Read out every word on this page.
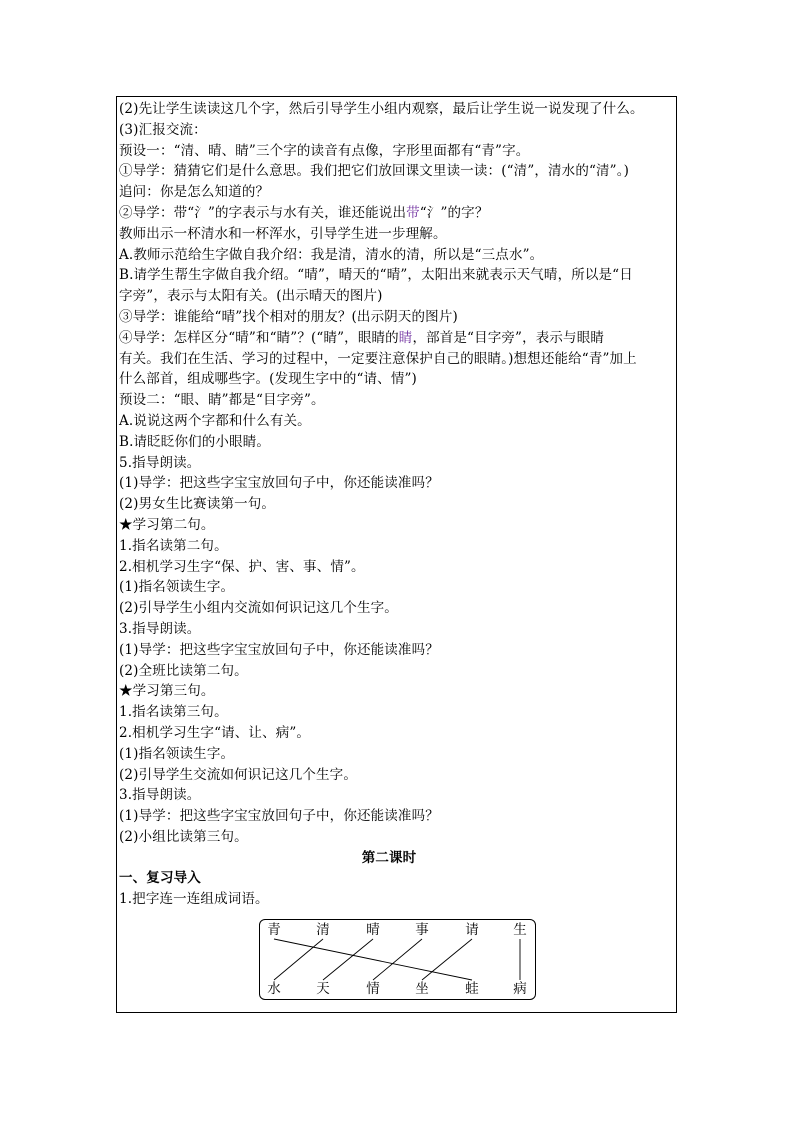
(2)先让学生读读这几个字，然后引导学生小组内观察，最后让学生说一说发现了什么。
(3)汇报交流：
预设一：“清、晴、睛”三个字的读音有点像，字形里面都有“青”字。
①导学：猜猜它们是什么意思。我们把它们放回课文里读一读：(“清”，清水的“清”。)
追问：你是怎么知道的？
②导学：带“氵”的字表示与水有关，谁还能说出带“氵”的字？
教师出示一杯清水和一杯浑水，引导学生进一步理解。
A.教师示范给生字做自我介绍：我是清，清水的清，所以是“三点水”。
B.请学生帮生字做自我介绍。“晴”，晴天的“晴”，太阳出来就表示天气晴，所以是“日
字旁”，表示与太阳有关。(出示晴天的图片)
③导学：谁能给“晴”找个相对的朋友？(出示阴天的图片)
④导学：怎样区分“晴”和“睛”？(“睛”，眼睛的睛，部首是“目字旁”，表示与眼睛
有关。我们在生活、学习的过程中，一定要注意保护自己的眼睛。)想想还能给“青”加上
什么部首，组成哪些字。(发现生字中的“请、情”)
预设二：“眼、睛”都是“目字旁”。
A.说说这两个字都和什么有关。
B.请眨眨你们的小眼睛。
5.指导朗读。
(1)导学：把这些字宝宝放回句子中，你还能读准吗？
(2)男女生比赛读第一句。
★学习第二句。
1.指名读第二句。
2.相机学习生字“保、护、害、事、情”。
(1)指名领读生字。
(2)引导学生小组内交流如何识记这几个生字。
3.指导朗读。
(1)导学：把这些字宝宝放回句子中，你还能读准吗？
(2)全班比读第二句。
★学习第三句。
1.指名读第三句。
2.相机学习生字“请、让、病”。
(1)指名领读生字。
(2)引导学生交流如何识记这几个生字。
3.指导朗读。
(1)导学：把这些字宝宝放回句子中，你还能读准吗？
(2)小组比读第三句。
第二课时
一、复习导入
1.把字连一连组成词语。
青	清	晴	事	请	生
水	天	情	坐	蛙	病
